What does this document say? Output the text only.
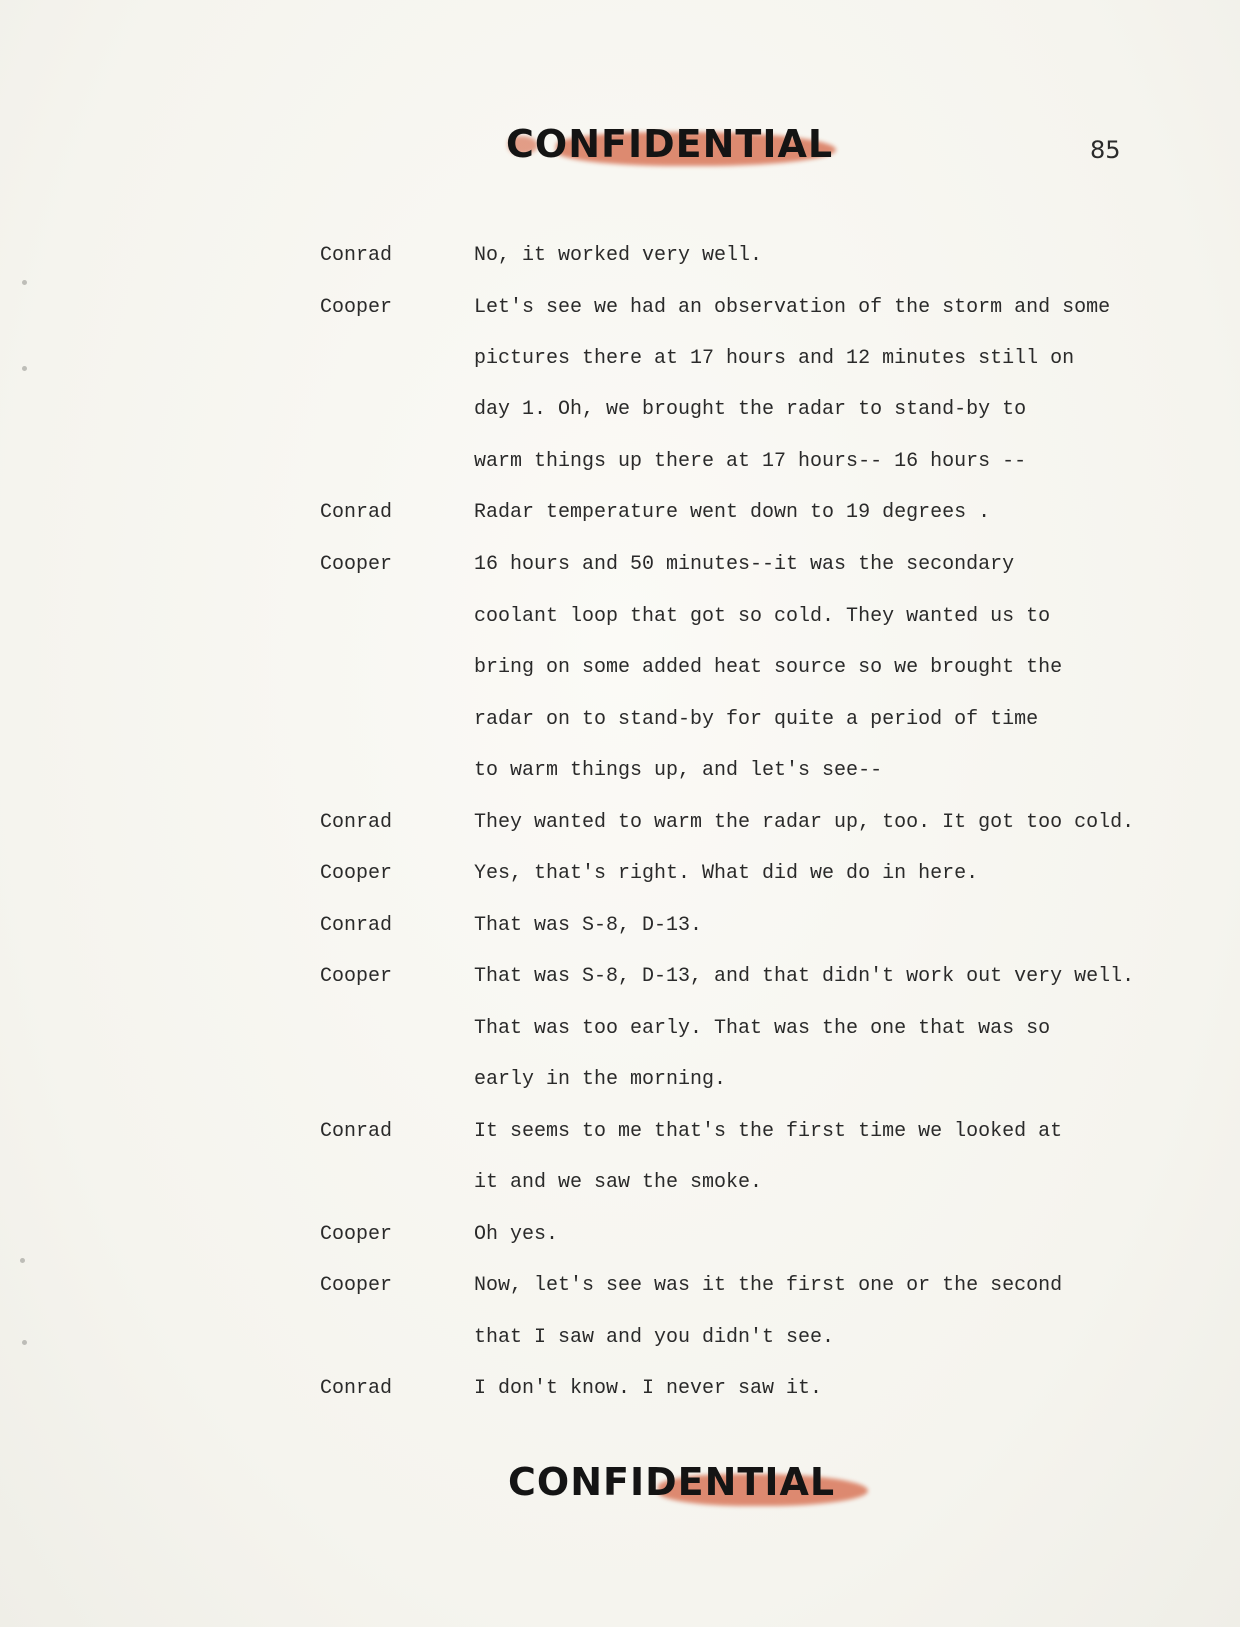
CONFIDENTIAL	85
Conrad	No, it worked very well.
Cooper	Let's see we had an observation of the storm and some
pictures there at 17 hours and 12 minutes still on
day 1. Oh, we brought the radar to stand-by to
warm things up there at 17 hours-- 16 hours --
Conrad	Radar temperature went down to 19 degrees .
Cooper	16 hours and 50 minutes--it was the secondary
coolant loop that got so cold. They wanted us to
bring on some added heat source so we brought the
radar on to stand-by for quite a period of time
to warm things up, and let's see--
Conrad	They wanted to warm the radar up, too. It got too cold.
Cooper	Yes, that's right. What did we do in here.
Conrad	That was S-8, D-13.
Cooper	That was S-8, D-13, and that didn't work out very well.
That was too early. That was the one that was so
early in the morning.
Conrad	It seems to me that's the first time we looked at
it and we saw the smoke.
Cooper	Oh yes.
Cooper	Now, let's see was it the first one or the second
that I saw and you didn't see.
Conrad	I don't know. I never saw it.
CONFIDENTIAL
